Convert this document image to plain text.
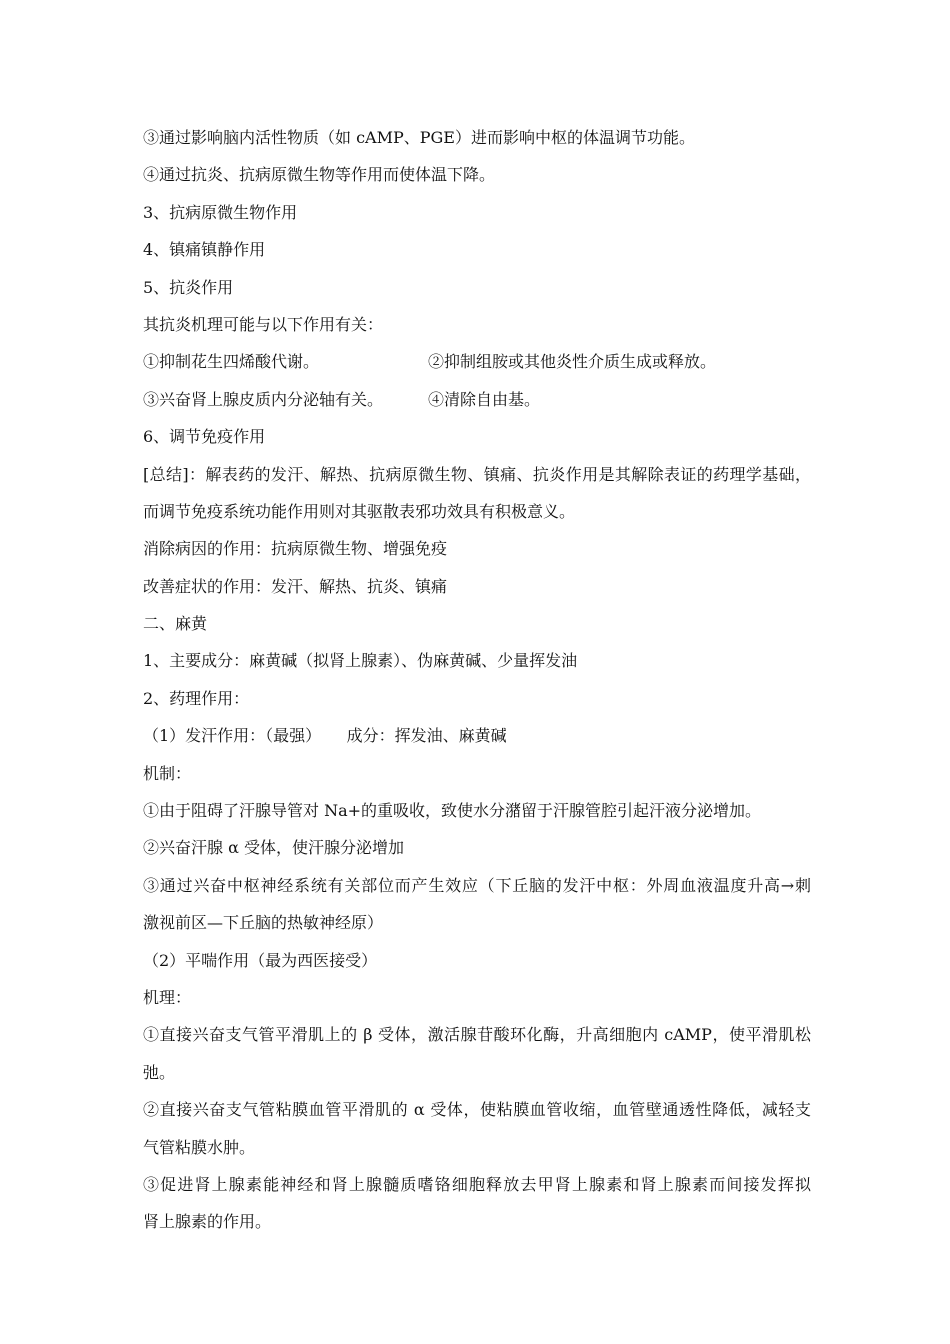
③通过影响脑内活性物质（如 cAMP、PGE）进而影响中枢的体温调节功能。
④通过抗炎、抗病原微生物等作用而使体温下降。
3、抗病原微生物作用
4、镇痛镇静作用
5、抗炎作用
其抗炎机理可能与以下作用有关：
①抑制花生四烯酸代谢。	②抑制组胺或其他炎性介质生成或释放。
③兴奋肾上腺皮质内分泌轴有关。	④清除自由基。
6、调节免疫作用
[总结]：解表药的发汗、解热、抗病原微生物、镇痛、抗炎作用是其解除表证的药理学基础，
而调节免疫系统功能作用则对其驱散表邪功效具有积极意义。
消除病因的作用：抗病原微生物、增强免疫
改善症状的作用：发汗、解热、抗炎、镇痛
二、麻黄
1、主要成分：麻黄碱（拟肾上腺素）、伪麻黄碱、少量挥发油
2、药理作用：
（1）发汗作用：（最强）     成分：挥发油、麻黄碱
机制：
①由于阻碍了汗腺导管对 Na+的重吸收，致使水分潴留于汗腺管腔引起汗液分泌增加。
②兴奋汗腺 α 受体，使汗腺分泌增加
③通过兴奋中枢神经系统有关部位而产生效应（下丘脑的发汗中枢：外周血液温度升高→刺
激视前区—下丘脑的热敏神经原）
（2）平喘作用（最为西医接受）
机理：
①直接兴奋支气管平滑肌上的 β 受体，激活腺苷酸环化酶，升高细胞内 cAMP，使平滑肌松
弛。
②直接兴奋支气管粘膜血管平滑肌的 α 受体，使粘膜血管收缩，血管壁通透性降低，减轻支
气管粘膜水肿。
③促进肾上腺素能神经和肾上腺髓质嗜铬细胞释放去甲肾上腺素和肾上腺素而间接发挥拟
肾上腺素的作用。
